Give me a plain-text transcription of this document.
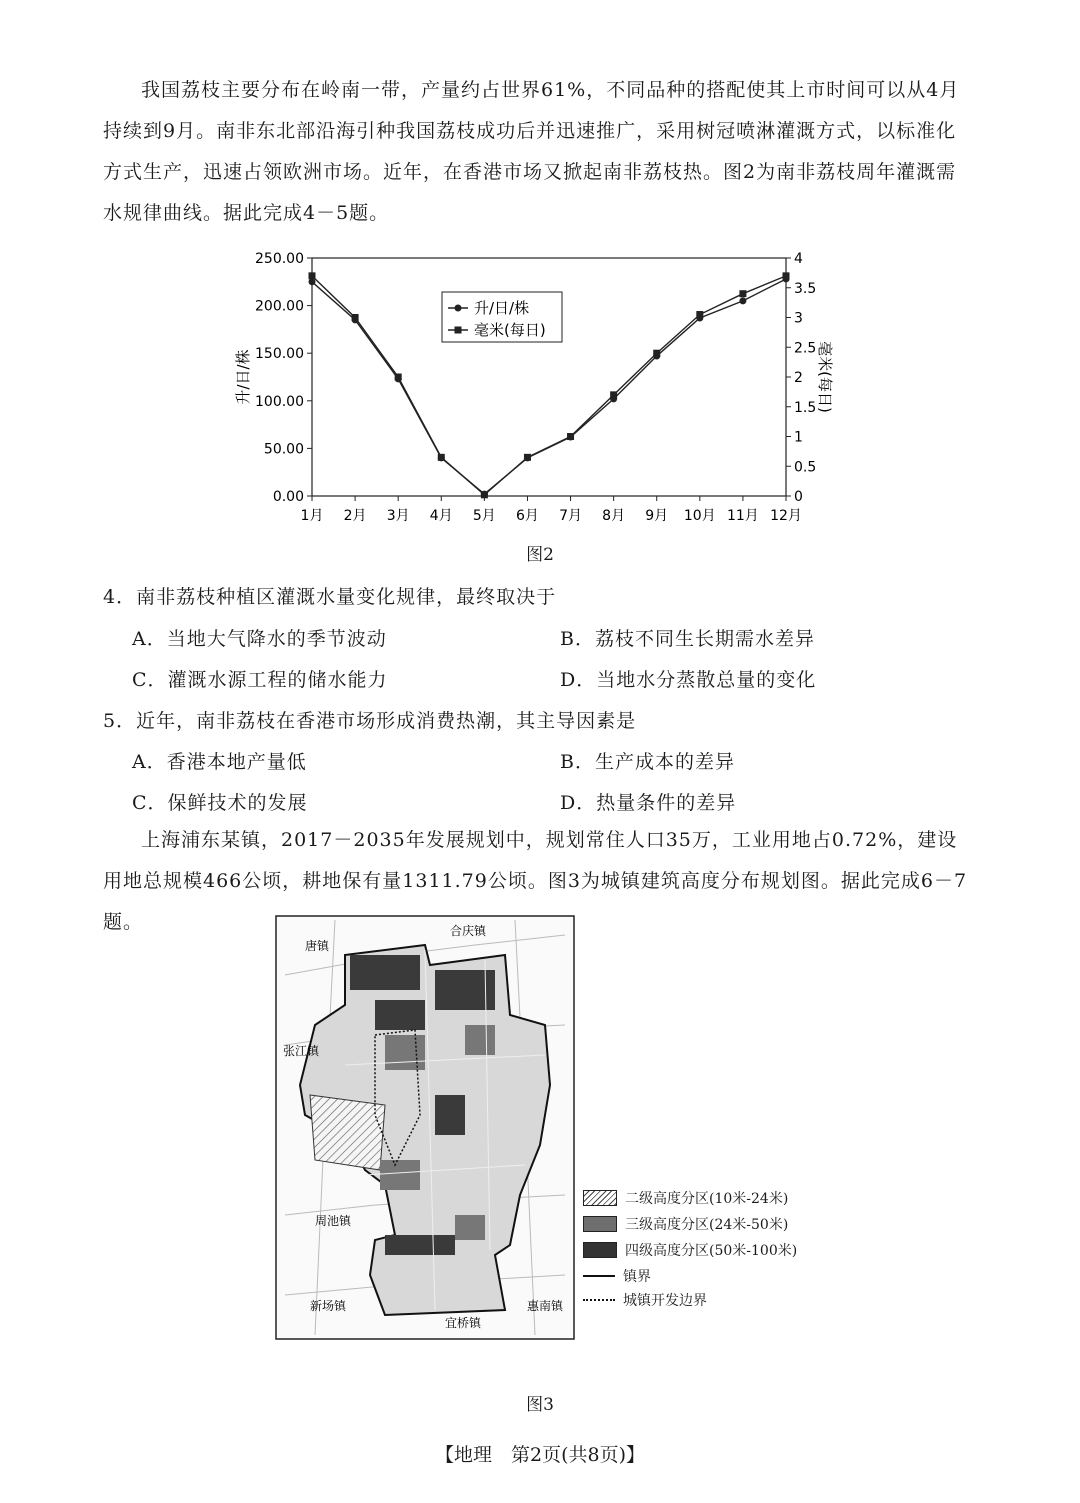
我国荔枝主要分布在岭南一带，产量约占世界61%，不同品种的搭配使其上市时间可以从4月持续到9月。南非东北部沿海引种我国荔枝成功后并迅速推广，采用树冠喷淋灌溉方式，以标准化方式生产，迅速占领欧洲市场。近年，在香港市场又掀起南非荔枝热。图2为南非荔枝周年灌溉需水规律曲线。据此完成4－5题。

0.00
50.00
100.00
150.00
200.00
250.00
0
0.5
1
1.5
2
2.5
3
3.5
4
1月 2月 3月 4月 5月 6月 7月 8月 9月 10月 11月 12月
升/日/株	毫米(每日)
升/日/株
毫米(每日)
图2
4．南非荔枝种植区灌溉水量变化规律，最终取决于
A．当地大气降水的季节波动	B．荔枝不同生长期需水差异
C．灌溉水源工程的储水能力	D．当地水分蒸散总量的变化
5．近年，南非荔枝在香港市场形成消费热潮，其主导因素是
A．香港本地产量低	B．生产成本的差异
C．保鲜技术的发展	D．热量条件的差异

上海浦东某镇，2017－2035年发展规划中，规划常住人口35万，工业用地占0.72%，建设用地总规模466公顷，耕地保有量1311.79公顷。图3为城镇建筑高度分布规划图。据此完成6－7题。

唐镇
合庆镇
张江镇
周池镇
新场镇
宜桥镇
惠南镇
二级高度分区(10米-24米)
三级高度分区(24米-50米)
四级高度分区(50米-100米)
镇界
城镇开发边界
图3
【地理　第2页(共8页)】
